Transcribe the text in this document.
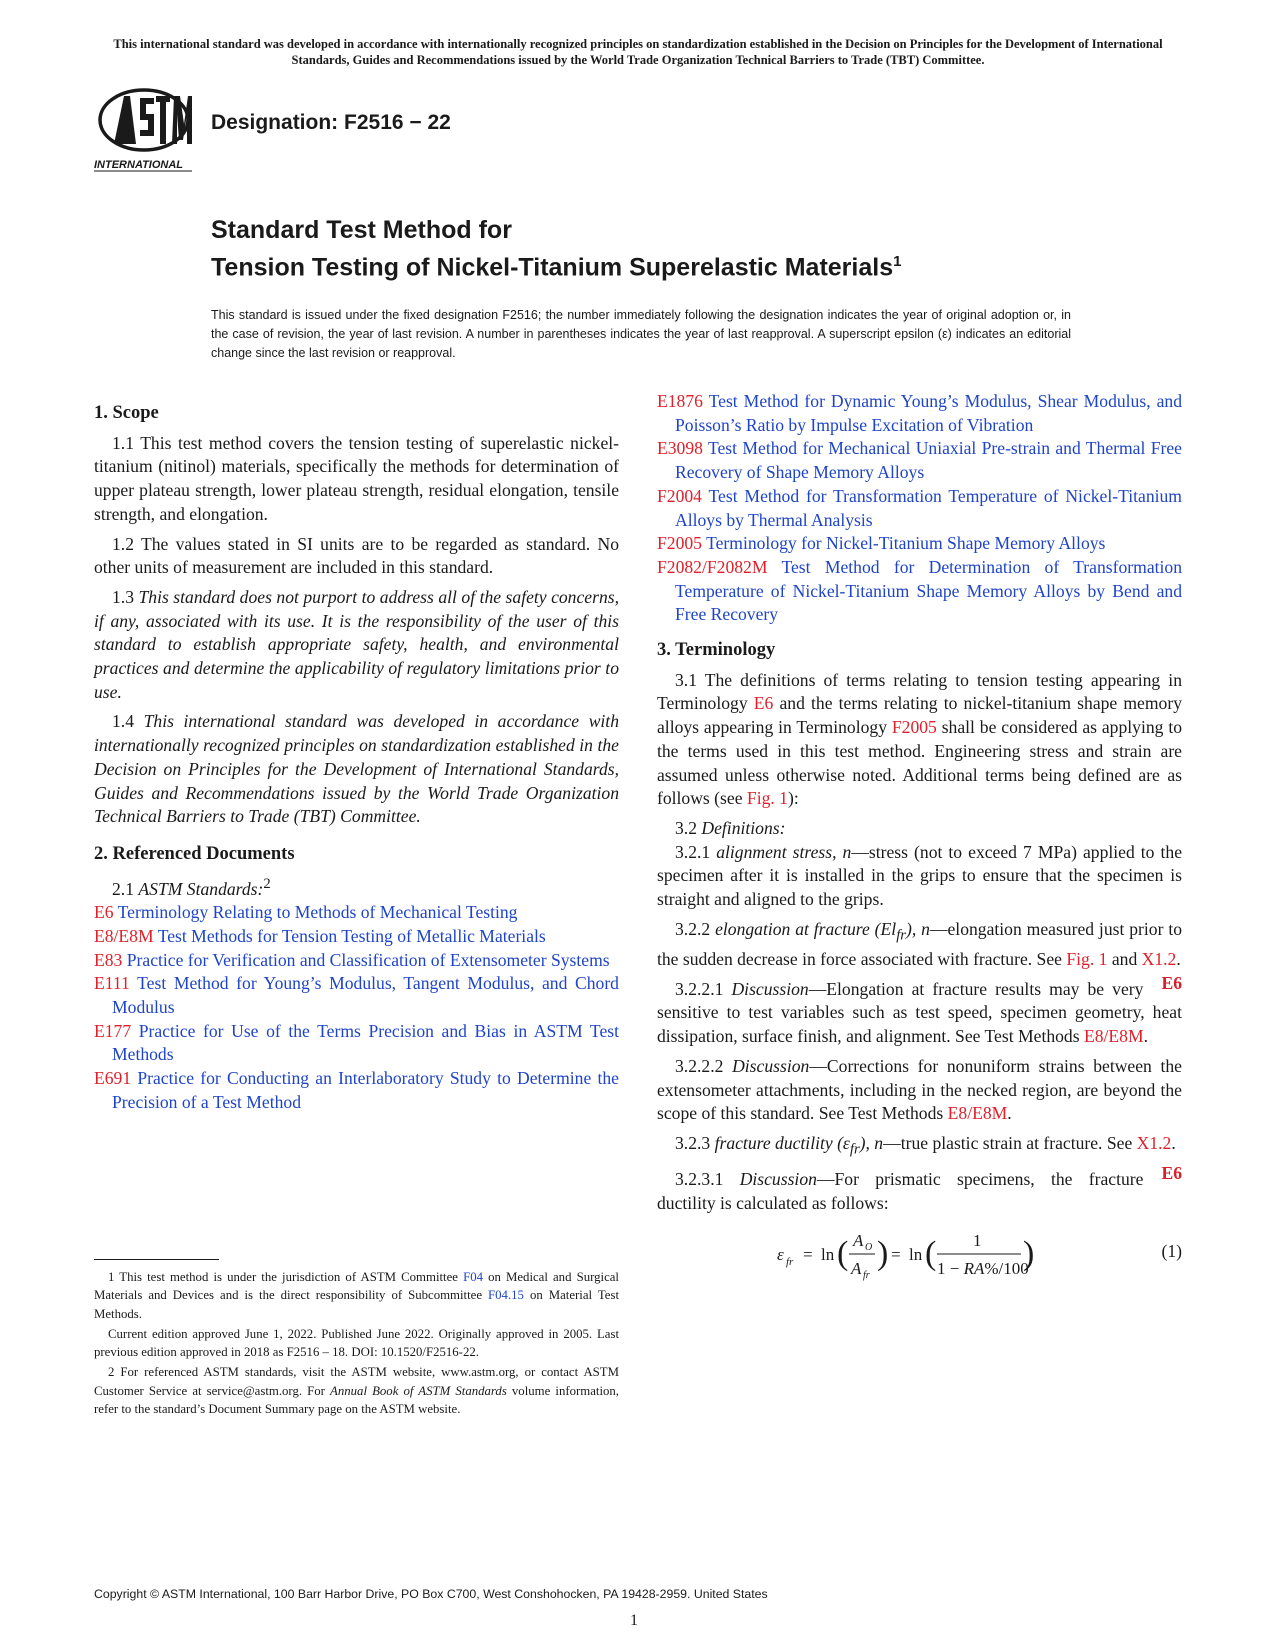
This international standard was developed in accordance with internationally recognized principles on standardization established in the Decision on Principles for the Development of International Standards, Guides and Recommendations issued by the World Trade Organization Technical Barriers to Trade (TBT) Committee.
INTERNATIONAL
Designation: F2516 − 22
Standard Test Method for
Tension Testing of Nickel-Titanium Superelastic Materials$^1$
This standard is issued under the fixed designation F2516; the number immediately following the designation indicates the year of original adoption or, in the case of revision, the year of last revision. A number in parentheses indicates the year of last reapproval. A superscript epsilon (ε) indicates an editorial change since the last revision or reapproval.
1. Scope

1.1 This test method covers the tension testing of superelastic nickel-titanium (nitinol) materials, specifically the methods for determination of upper plateau strength, lower plateau strength, residual elongation, tensile strength, and elongation.

1.2 The values stated in SI units are to be regarded as standard. No other units of measurement are included in this standard.

1.3 This standard does not purport to address all of the safety concerns, if any, associated with its use. It is the responsibility of the user of this standard to establish appropriate safety, health, and environmental practices and determine the applicability of regulatory limitations prior to use.

1.4 This international standard was developed in accordance with internationally recognized principles on standardization established in the Decision on Principles for the Development of International Standards, Guides and Recommendations issued by the World Trade Organization Technical Barriers to Trade (TBT) Committee.

2. Referenced Documents

2.1 ASTM Standards:$^2$

E6 Terminology Relating to Methods of Mechanical Testing
E8/E8M Test Methods for Tension Testing of Metallic Materials
E83 Practice for Verification and Classification of Extensometer Systems
E111 Test Method for Young’s Modulus, Tangent Modulus, and Chord Modulus
E177 Practice for Use of the Terms Precision and Bias in ASTM Test Methods
E691 Practice for Conducting an Interlaboratory Study to Determine the Precision of a Test Method

1 This test method is under the jurisdiction of ASTM Committee F04 on Medical and Surgical Materials and Devices and is the direct responsibility of Subcommittee F04.15 on Material Test Methods.

Current edition approved June 1, 2022. Published June 2022. Originally approved in 2005. Last previous edition approved in 2018 as F2516 – 18. DOI: 10.1520/F2516-22.

2 For referenced ASTM standards, visit the ASTM website, www.astm.org, or contact ASTM Customer Service at service@astm.org. For Annual Book of ASTM Standards volume information, refer to the standard’s Document Summary page on the ASTM website.

E1876 Test Method for Dynamic Young’s Modulus, Shear Modulus, and Poisson’s Ratio by Impulse Excitation of Vibration
E3098 Test Method for Mechanical Uniaxial Pre-strain and Thermal Free Recovery of Shape Memory Alloys
F2004 Test Method for Transformation Temperature of Nickel-Titanium Alloys by Thermal Analysis
F2005 Terminology for Nickel-Titanium Shape Memory Alloys
F2082/F2082M Test Method for Determination of Transformation Temperature of Nickel-Titanium Shape Memory Alloys by Bend and Free Recovery
3. Terminology

3.1 The definitions of terms relating to tension testing appearing in Terminology E6 and the terms relating to nickel-titanium shape memory alloys appearing in Terminology F2005 shall be considered as applying to the terms used in this test method. Engineering stress and strain are assumed unless otherwise noted. Additional terms being defined are as follows (see Fig. 1):

3.2 Definitions:

3.2.1 alignment stress, n—stress (not to exceed 7 MPa) applied to the specimen after it is installed in the grips to ensure that the specimen is straight and aligned to the grips.

3.2.2 elongation at fracture $(El_{fr})$, n—elongation measured just prior to the sudden decrease in force associated with fracture. See Fig. 1 and X1.2.
E6

3.2.2.1 Discussion—Elongation at fracture results may be very sensitive to test variables such as test speed, specimen geometry, heat dissipation, surface finish, and alignment. See Test Methods E8/E8M.

3.2.2.2 Discussion—Corrections for nonuniform strains between the extensometer attachments, including in the necked region, are beyond the scope of this standard. See Test Methods E8/E8M.

3.2.3 fracture ductility $(\varepsilon_{fr})$, n—true plastic strain at fracture. See X1.2.
E6

3.2.3.1 Discussion—For prismatic specimens, the fracture ductility is calculated as follows:

ε fr = ln ( A O
A fr
) = ln ( 1
1 − RA%/100
)	(1)
Copyright © ASTM International, 100 Barr Harbor Drive, PO Box C700, West Conshohocken, PA 19428-2959. United States
1
